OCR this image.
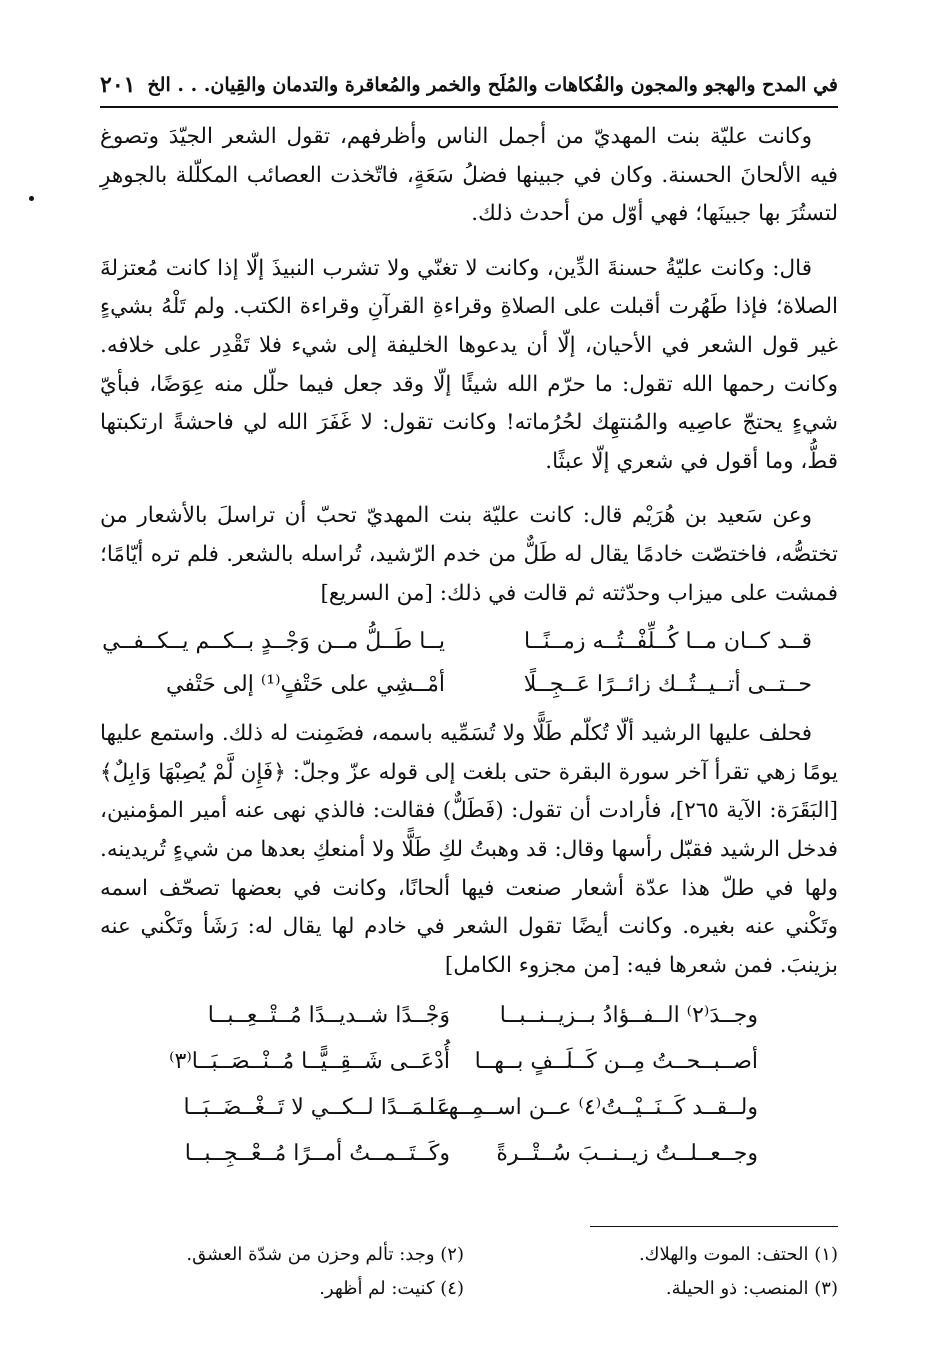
في المدح والهجو والمجون والفُكاهات والمُلَح والخمر والمُعاقرة والتدمان والقِيان. . . الخ
٢٠١

وكانت عليّة بنت المهديّ من أجمل الناس وأظرفهم، تقول الشعر الجيّدَ وتصوغ فيه الألحانَ الحسنة. وكان في جبينها فضلُ سَعَةٍ، فاتّخذت العصائب المكلّلة بالجوهرِ لتستُرَ بها جبينَها؛ فهي أوّل من أحدث ذلك.

قال: وكانت عليّةُ حسنةَ الدِّين، وكانت لا تغنّي ولا تشرب النبيذَ إلّا إذا كانت مُعتزلةَ الصلاة؛ فإذا طَهُرت أقبلت على الصلاةِ وقراءةِ القرآنِ وقراءة الكتب. ولم تَلْهُ بشيءٍ غير قول الشعر في الأحيان، إلّا أن يدعوها الخليفة إلى شيء فلا تَقْدِر على خلافه. وكانت رحمها الله تقول: ما حرّم الله شيئًا إلّا وقد جعل فيما حلّل منه عِوَضًا، فبأيّ شيءٍ يحتجّ عاصِيه والمُنتهِك لحُرُماته! وكانت تقول: لا غَفَرَ الله لي فاحشةً ارتكبتها قطُّ، وما أقول في شعري إلّا عبثًا.

وعن سَعيد بن هُرَيْم قال: كانت عليّة بنت المهديّ تحبّ أن تراسلَ بالأشعار من تختصُّه، فاختصّت خادمًا يقال له طَلٌّ من خدم الرّشيد، تُراسله بالشعر. فلم تره أيّامًا؛ فمشت على ميزاب وحدّثته ثم قالت في ذلك: [من السريع]

قــد كــان مــا كُــلِّفْــتُــه زمــنًــا
يــا طَــلُّ مــن وَجْــدٍ بــكــم يــكــفــي
حــتــى أتــيــتُــك زائــرًا عَــجِــلًا
أمْــشِي على حَتْفٍ⁽¹⁾ إلى حَتْفي

فحلف عليها الرشيد ألّا تُكلّم طَلًّا ولا تُسَمِّيه باسمه، فضَمِنت له ذلك. واستمع عليها يومًا زهي تقرأ آخر سورة البقرة حتى بلغت إلى قوله عزّ وجلّ: ﴿فَإِن لَّمْ يُصِبْهَا وَابِلٌ﴾ [البَقَرَة: الآية ٢٦٥]، فأرادت أن تقول: (فَطَلٌّ) فقالت: فالذي نهى عنه أمير المؤمنين، فدخل الرشيد فقبّل رأسها وقال: قد وهبتُ لكِ طَلًّا ولا أمنعكِ بعدها من شيءٍ تُريدينه. ولها في طلّ هذا عدّة أشعار صنعت فيها ألحانًا، وكانت في بعضها تصحّف اسمه وتَكْني عنه بغيره. وكانت أيضًا تقول الشعر في خادم لها يقال له: رَشَأ وتَكْني عنه بزينبَ. فمن شعرها فيه: [من مجزوء الكامل]

وجــدَ⁽٢⁾ الــفــؤادُ بــزيــنــبــا
وَجْــدًا شــديــدًا مُــتْــعِــبــا
أصــبــحــتُ مِــن كَــلَــفٍ بــهــا
أُدْعَــى شَــقِــيًّــا مُــنْــصَــبَــا⁽٣⁾
ولــقــد كَــنَــيْــتُ⁽٤⁾ عــن اســمِــهــا
عَــمَــدًا لــكــي لا تَــغْــضَــبَــا
وجــعــلــتُ زيــنــبَ سُــتْــرةً
وكَــتَــمــتُ أمــرًا مُــعْــجِــبــا
(١) الحتف: الموت والهلاك.
(٢) وجد: تألم وحزن من شدّة العشق.
(٣) المنصب: ذو الحيلة.
(٤) كنيت: لم أظهر.
